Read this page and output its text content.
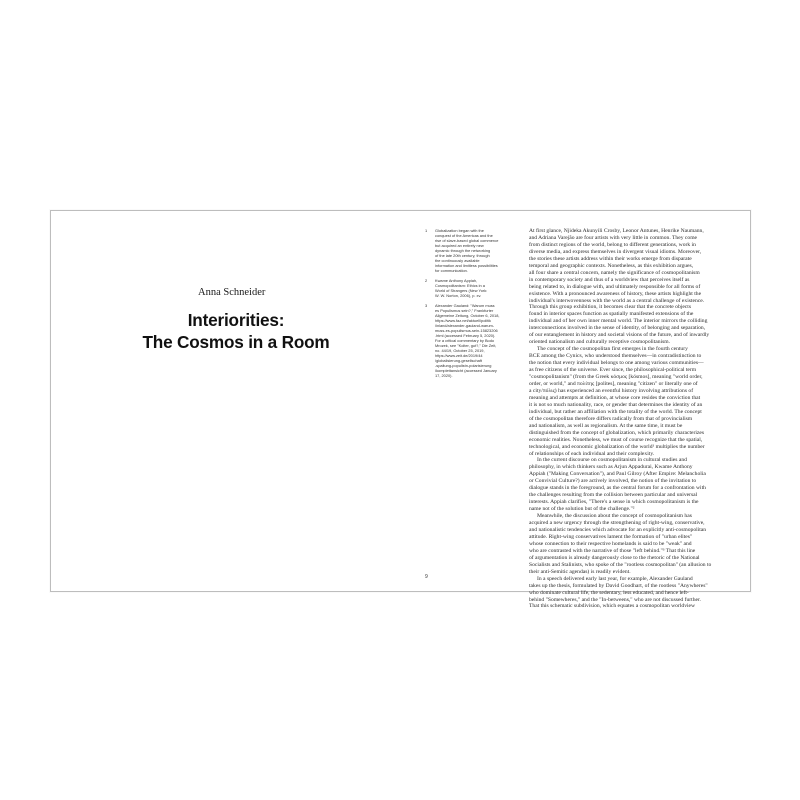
Anna Schneider
Interiorities:
The Cosmos in a Room
1 Globalization began with the
conquest of the Americas and the
rise of slave-based global commerce
but acquired an entirely new
dynamic through the networking
of the late 20th century, through
the continuously available
information and limitless possibilities
for communication.
2 Kwame Anthony Appiah,
Cosmopolitanism: Ethics in a
World of Strangers (New York:
W. W. Norton, 2006), p. xv.
3 Alexander Gauland: "Warum muss
es Populismus sein?," Frankfurter
Allgemeine Zeitung, October 6, 2018,
https://www.faz.net/aktuell/politik
/inland/alexander-gauland-warum-
muss-es-populismus-sein-15823206
.html (accessed February 5, 2020).
For a critical commentary by Bodo
Mrozek, see "Kolter, gut?," Die Zeit,
no. 44/19, October 25, 2019,
https://www.zeit.de/2019/44
/globalisierung-gesellschaft
-spaltung-populistn-polarisierung
/komplettansicht (accessed January
17, 2020).
At first glance, Njideka Akunyili Crosby, Leonor Antunes, Henrike Naumann,
and Adriana Varejão are four artists with very little in common. They come
from distinct regions of the world, belong to different generations, work in
diverse media, and express themselves in divergent visual idioms. Moreover,
the stories these artists address within their works emerge from disparate
temporal and geographic contexts. Nonetheless, as this exhibition argues,
all four share a central concern, namely the significance of cosmopolitanism
in contemporary society and thus of a worldview that perceives itself as
being related to, in dialogue with, and ultimately responsible for all forms of
existence. With a pronounced awareness of history, these artists highlight the
individual's interwovenness with the world as a central challenge of existence.
Through this group exhibition, it becomes clear that the concrete objects
found in interior spaces function as spatially manifested extensions of the
individual and of her own inner mental world. The interior mirrors the colliding
interconnections involved in the sense of identity, of belonging and separation,
of our entanglement in history and societal visions of the future, and of inwardly
oriented nationalism and culturally receptive cosmopolitanism.
The concept of the cosmopolitan first emerges in the fourth century
BCE among the Cynics, who understood themselves—in contradistinction to
the notion that every individual belongs to one among various communities—
as free citizens of the universe. Ever since, the philosophical-political term
"cosmopolitanism" (from the Greek κόσμος [kósmos], meaning "world order,
order, or world," and πολίτης [polítes], meaning "citizen" or literally one of
a city/πόλις) has experienced an eventful history involving attributions of
meaning and attempts at definition, at whose core resides the conviction that
it is not so much nationality, race, or gender that determines the identity of an
individual, but rather an affiliation with the totality of the world. The concept
of the cosmopolitan therefore differs radically from that of provincialism
and nationalism, as well as regionalism. At the same time, it must be
distinguished from the concept of globalization, which primarily characterizes
economic realities. Nonetheless, we must of course recognize that the spatial,
technological, and economic globalization of the world¹ multiplies the number
of relationships of each individual and their complexity.
In the current discourse on cosmopolitanism in cultural studies and
philosophy, in which thinkers such as Arjun Appadurai, Kwame Anthony
Appiah ("Making Conversation"), and Paul Gilroy (After Empire: Melancholia
or Convivial Culture?) are actively involved, the notion of the invitation to
dialogue stands in the foreground, as the central forum for a confrontation with
the challenges resulting from the collision between particular and universal
interests. Appiah clarifies, "There's a sense in which cosmopolitanism is the
name not of the solution but of the challenge."²
Meanwhile, the discussion about the concept of cosmopolitanism has
acquired a new urgency through the strengthening of right-wing, conservative,
and nationalistic tendencies which advocate for an explicitly anti-cosmopolitan
attitude. Right-wing conservatives lament the formation of "urban elites"
whose connection to their respective homelands is said to be "weak" and
who are contrasted with the narrative of those "left behind."³ That this line
of argumentation is already dangerously close to the rhetoric of the National
Socialists and Stalinists, who spoke of the "rootless cosmopolitan" (an allusion to
their anti-Semitic agendas) is readily evident.
In a speech delivered early last year, for example, Alexander Gauland
takes up the thesis, formulated by David Goodhart, of the rootless "Anywheres"
who dominate cultural life, the sedentary, less educated, and hence left-
behind "Somewheres," and the "In-betweens," who are not discussed further.
That this schematic subdivision, which equates a cosmopolitan worldview
9
